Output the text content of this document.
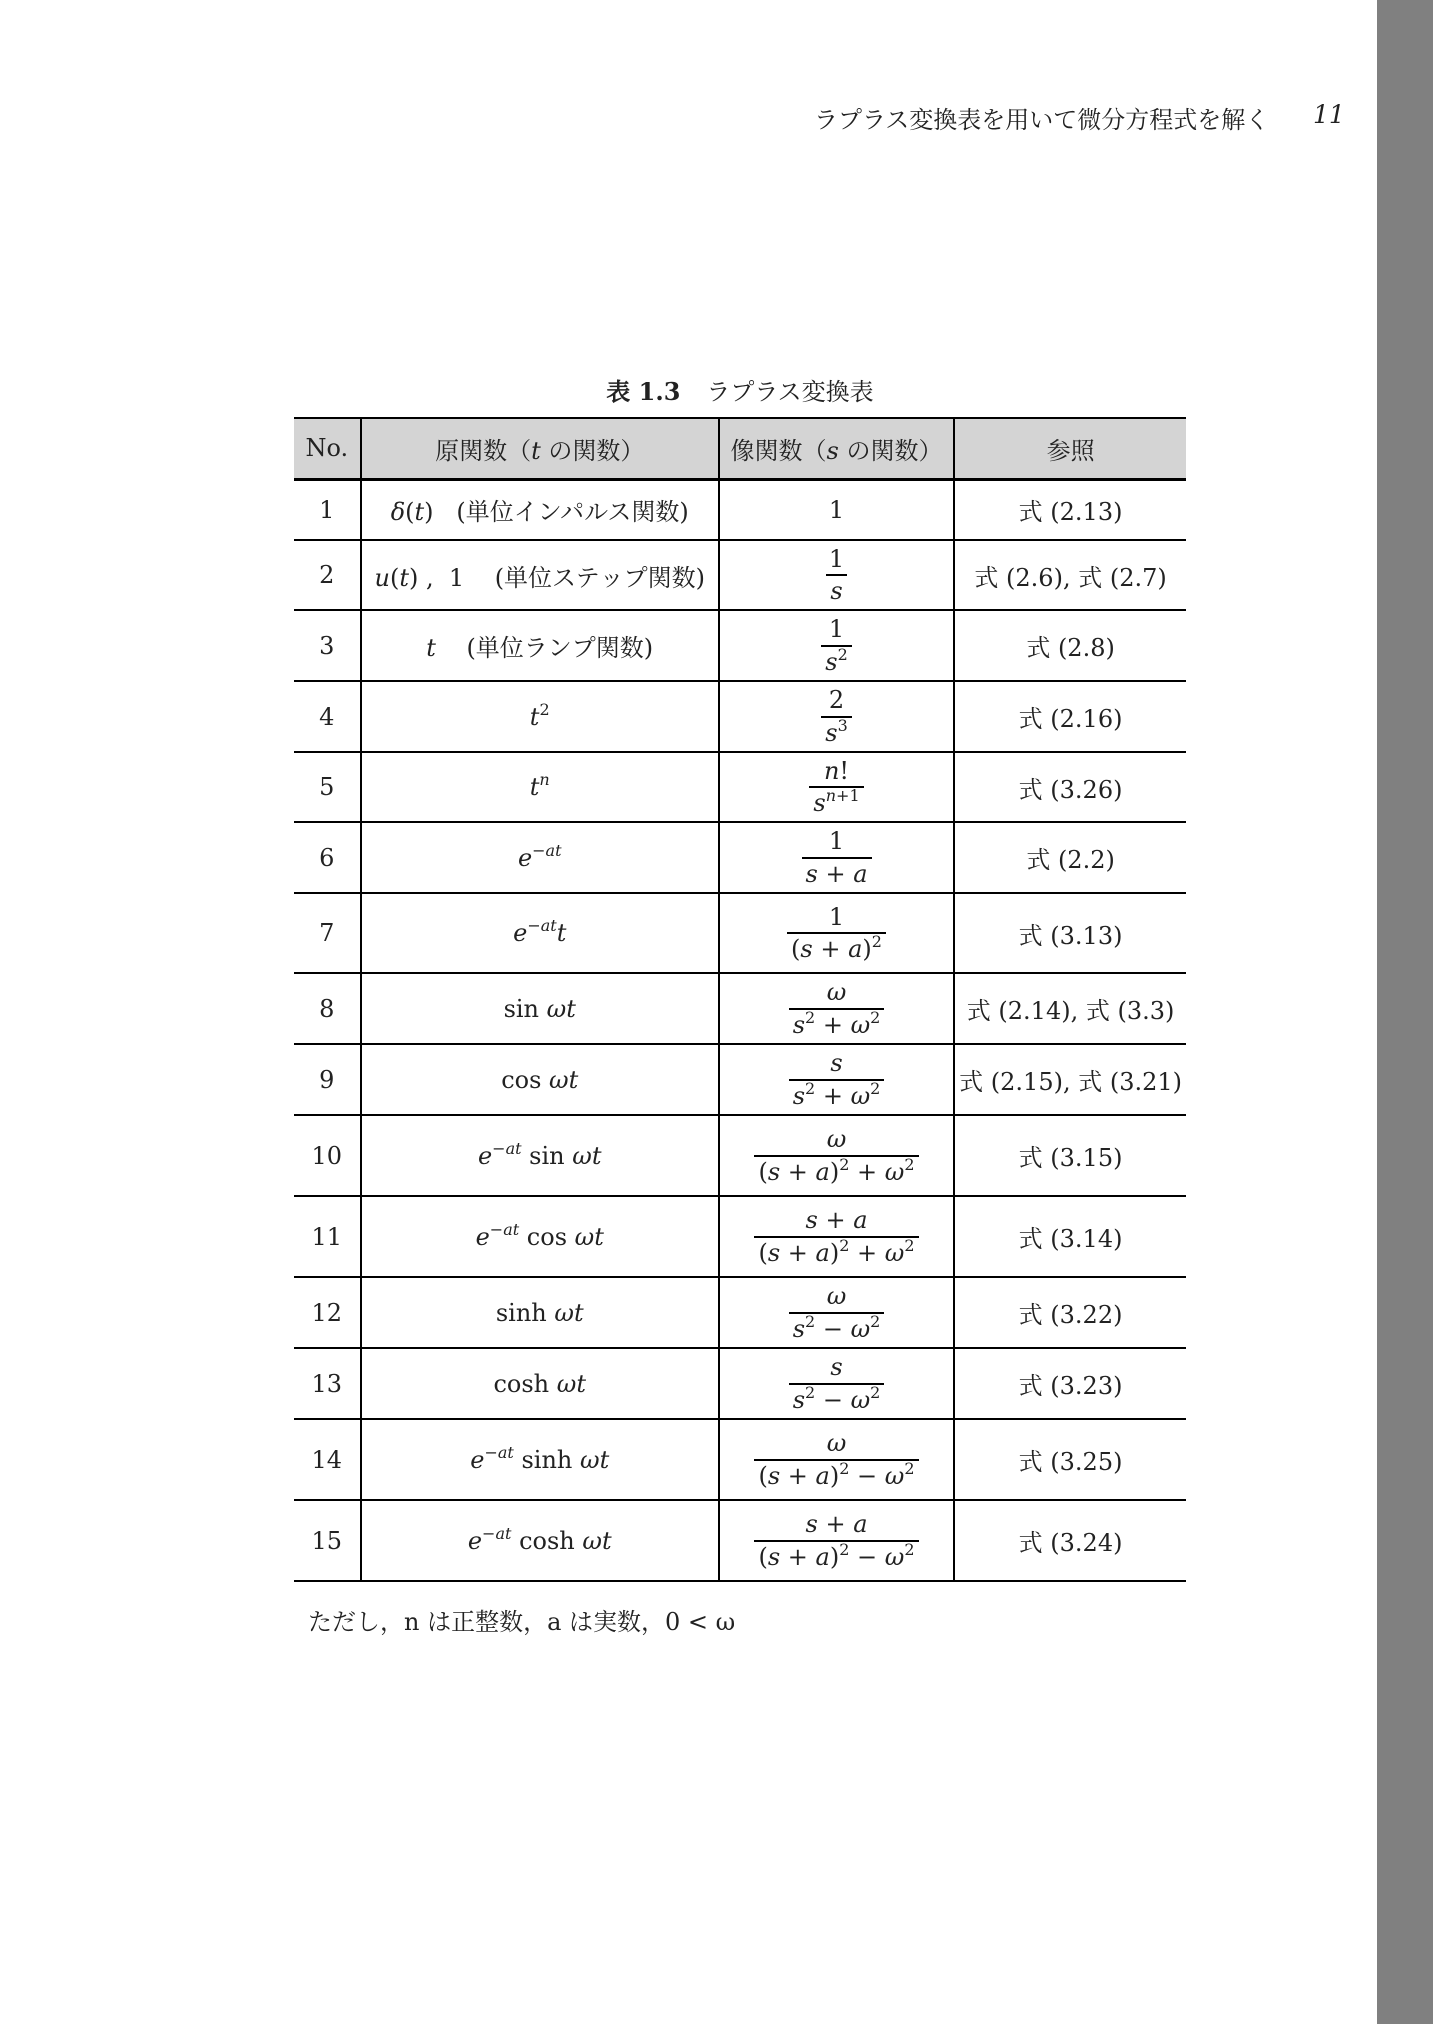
ラプラス変換表を用いて微分方程式を解く 11
表 1.3 ラプラス変換表
No.	原関数（t の関数）	像関数（s の関数）	参照
1	δ(t)   (単位インパルス関数)	1	式 (2.13)
2	u(t) ,  1    (単位ステップ関数)	$\frac{1}{s}$	式 (2.6), 式 (2.7)
3	t (単位ランプ関数)	$\frac{1}{s^2}$	式 (2.8)
4	$t^2$	$\frac{2}{s^3}$	式 (2.16)
5	$t^n$	$\frac{n!}{s^{n+1}}$	式 (3.26)
6	$e^{-at}$	$\frac{1}{s + a}$	式 (2.2)
7	$e^{-at}t$	$\frac{1}{(s + a)^2}$	式 (3.13)
8	sin ωt	$\frac{\omega}{s^2 + \omega^2}$	式 (2.14), 式 (3.3)
9	cos ωt	$\frac{s}{s^2 + \omega^2}$	式 (2.15), 式 (3.21)
10	$e^{-at}$ sin ωt	$\frac{\omega}{(s + a)^2 + \omega^2}$	式 (3.15)
11	$e^{-at}$ cos ωt	$\frac{s + a}{(s + a)^2 + \omega^2}$	式 (3.14)
12	sinh ωt	$\frac{\omega}{s^2 - \omega^2}$	式 (3.22)
13	cosh ωt	$\frac{s}{s^2 - \omega^2}$	式 (3.23)
14	$e^{-at}$ sinh ωt	$\frac{\omega}{(s + a)^2 - \omega^2}$	式 (3.25)
15	$e^{-at}$ cosh ωt	$\frac{s + a}{(s + a)^2 - \omega^2}$	式 (3.24)
ただし，n は正整数，a は実数，0 < ω
